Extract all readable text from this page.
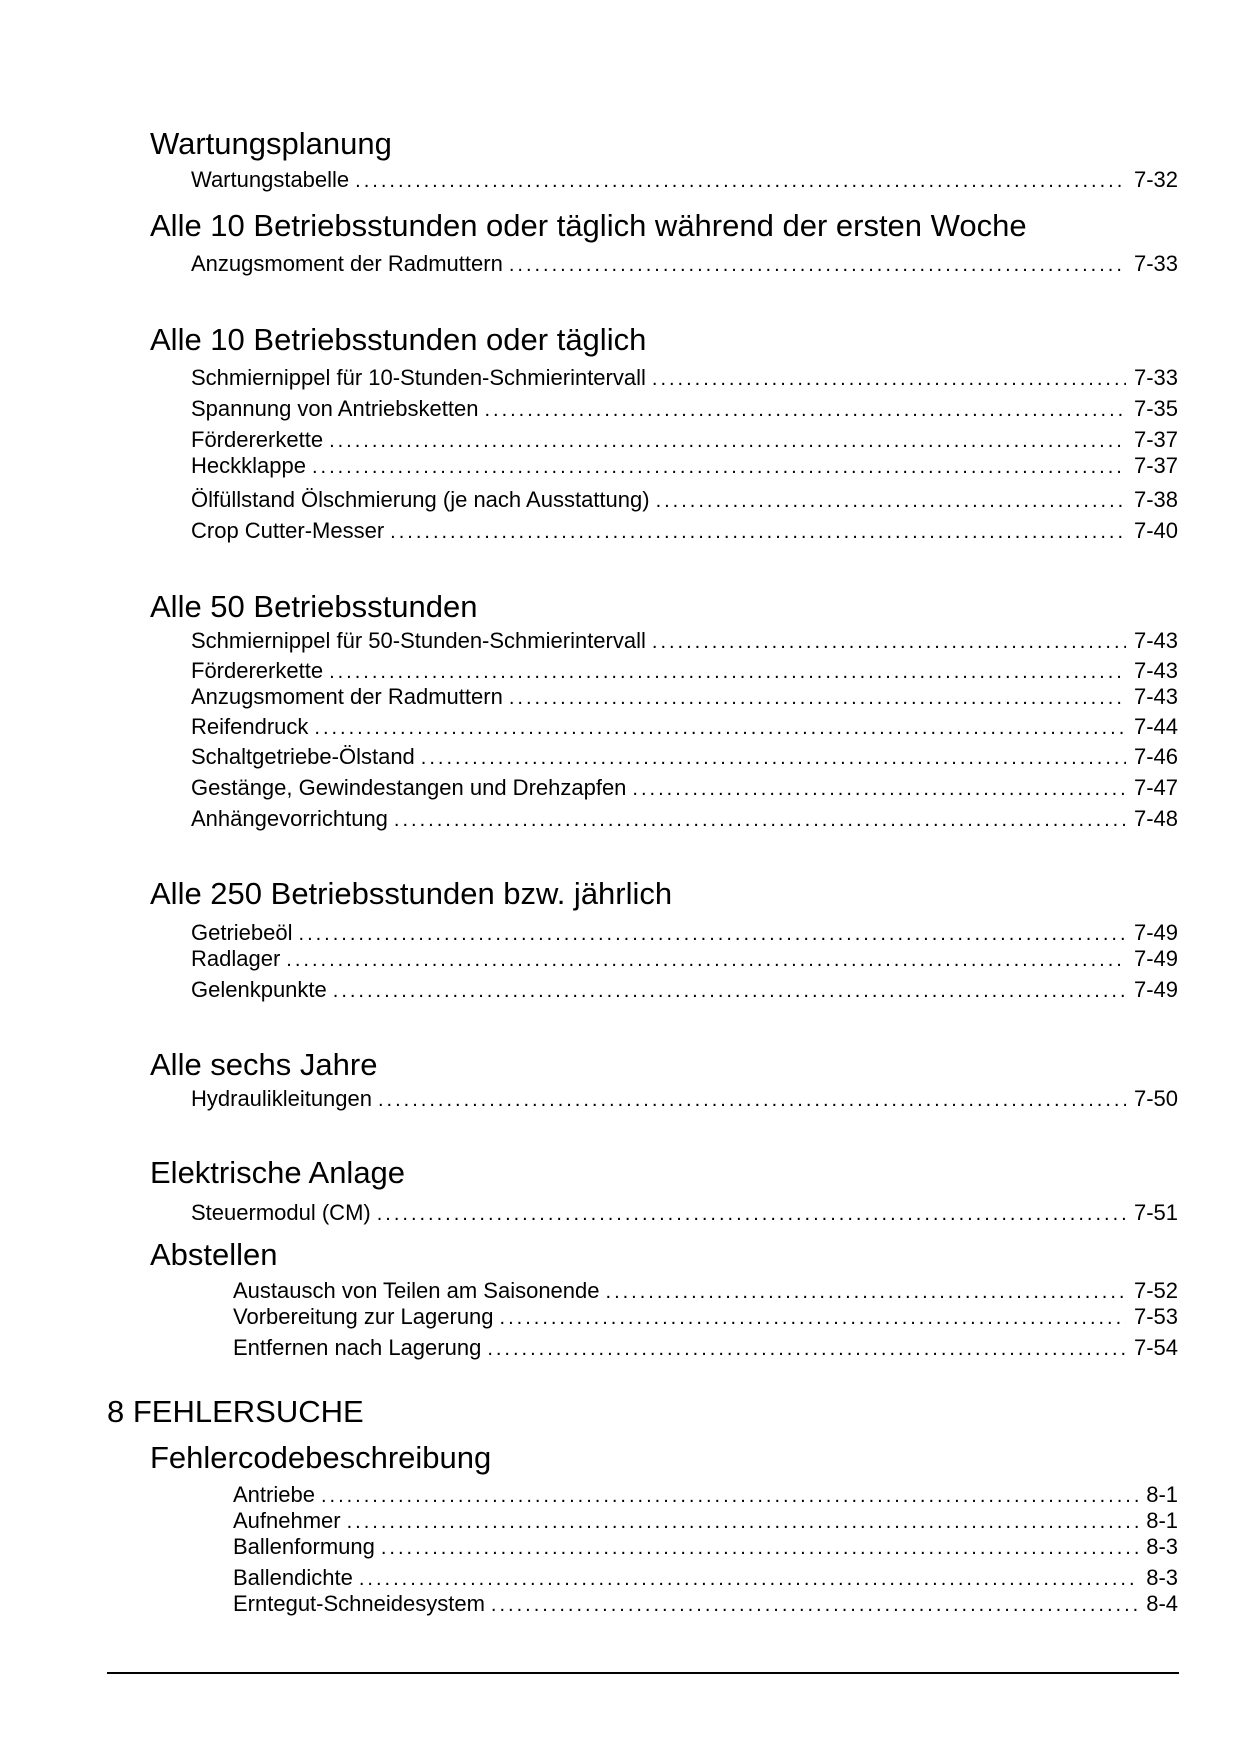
Wartungsplanung
Wartungstabelle .....	7-32
Alle 10 Betriebsstunden oder täglich während der ersten Woche
Anzugsmoment der Radmuttern .....	7-33
Alle 10 Betriebsstunden oder täglich
Schmiernippel für 10-Stunden-Schmierintervall .....	7-33
Spannung von Antriebsketten .....	7-35
Fördererkette .....	7-37
Heckklappe .....	7-37
Ölfüllstand Ölschmierung (je nach Ausstattung) .....	7-38
Crop Cutter-Messer .....	7-40
Alle 50 Betriebsstunden
Schmiernippel für 50-Stunden-Schmierintervall .....	7-43
Fördererkette .....	7-43
Anzugsmoment der Radmuttern .....	7-43
Reifendruck .....	7-44
Schaltgetriebe-Ölstand .....	7-46
Gestänge, Gewindestangen und Drehzapfen .....	7-47
Anhängevorrichtung .....	7-48
Alle 250 Betriebsstunden bzw. jährlich
Getriebeöl .....	7-49
Radlager .....	7-49
Gelenkpunkte .....	7-49
Alle sechs Jahre
Hydraulikleitungen .....	7-50
Elektrische Anlage
Steuermodul (CM) .....	7-51
Abstellen
Austausch von Teilen am Saisonende .....	7-52
Vorbereitung zur Lagerung .....	7-53
Entfernen nach Lagerung .....	7-54
8 FEHLERSUCHE
Fehlercodebeschreibung
Antriebe .....	8-1
Aufnehmer .....	8-1
Ballenformung .....	8-3
Ballendichte .....	8-3
Erntegut-Schneidesystem .....	8-4
